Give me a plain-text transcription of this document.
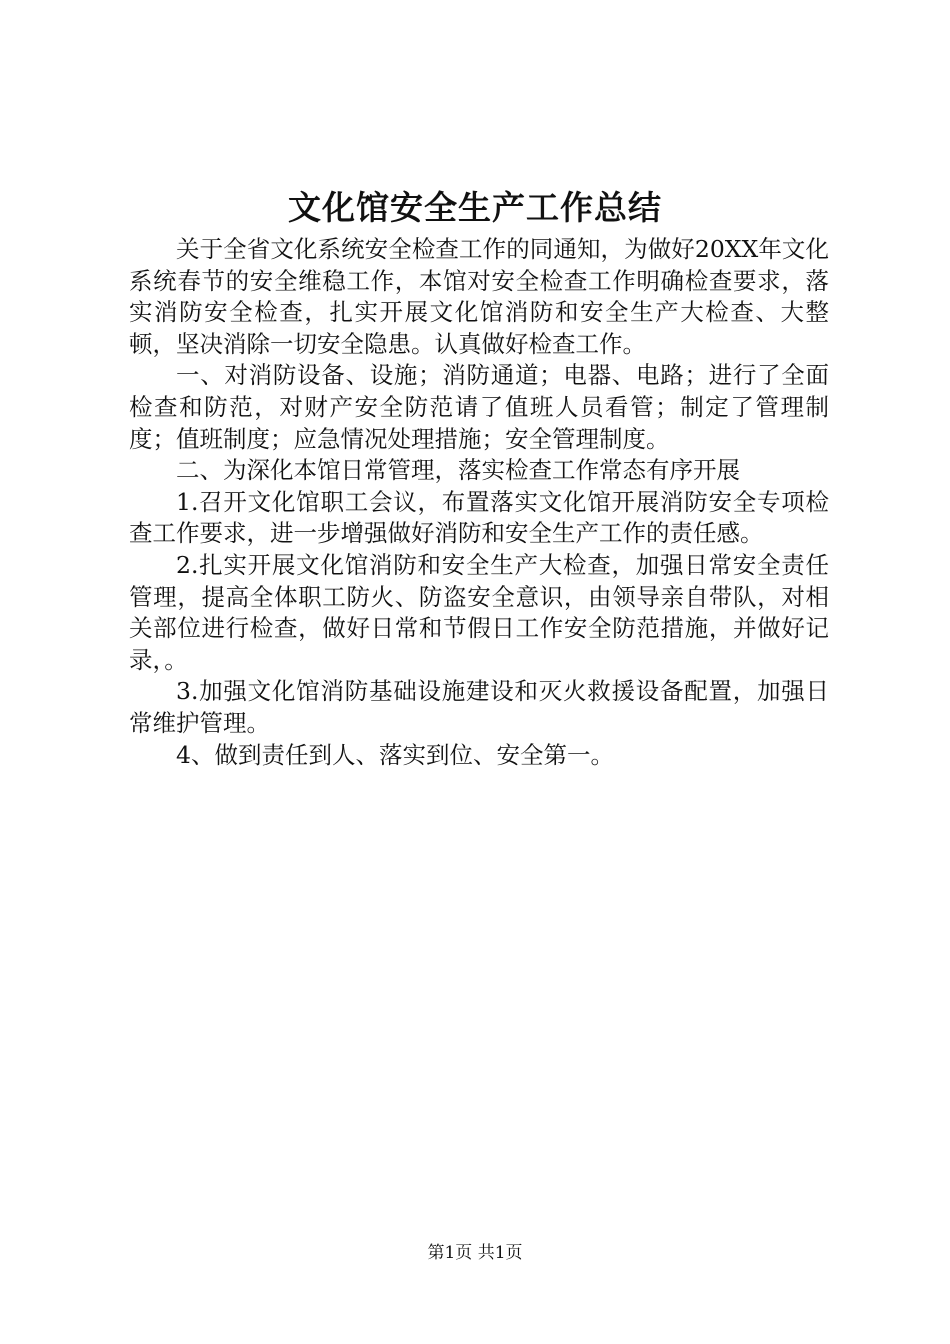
文化馆安全生产工作总结

关于全省文化系统安全检查工作的同通知，为做好20XX年文化系统春节的安全维稳工作，本馆对安全检查工作明确检查要求，落实消防安全检查，扎实开展文化馆消防和安全生产大检查、大整顿，坚决消除一切安全隐患。认真做好检查工作。

一、对消防设备、设施；消防通道；电器、电路；进行了全面检查和防范，对财产安全防范请了值班人员看管；制定了管理制度；值班制度；应急情况处理措施；安全管理制度。

二、为深化本馆日常管理，落实检查工作常态有序开展

1.召开文化馆职工会议，布置落实文化馆开展消防安全专项检查工作要求，进一步增强做好消防和安全生产工作的责任感。

2.扎实开展文化馆消防和安全生产大检查，加强日常安全责任管理，提高全体职工防火、防盗安全意识，由领导亲自带队，对相关部位进行检查，做好日常和节假日工作安全防范措施，并做好记录，。

3.加强文化馆消防基础设施建设和灭火救援设备配置，加强日常维护管理。

4、做到责任到人、落实到位、安全第一。

第1页 共1页
